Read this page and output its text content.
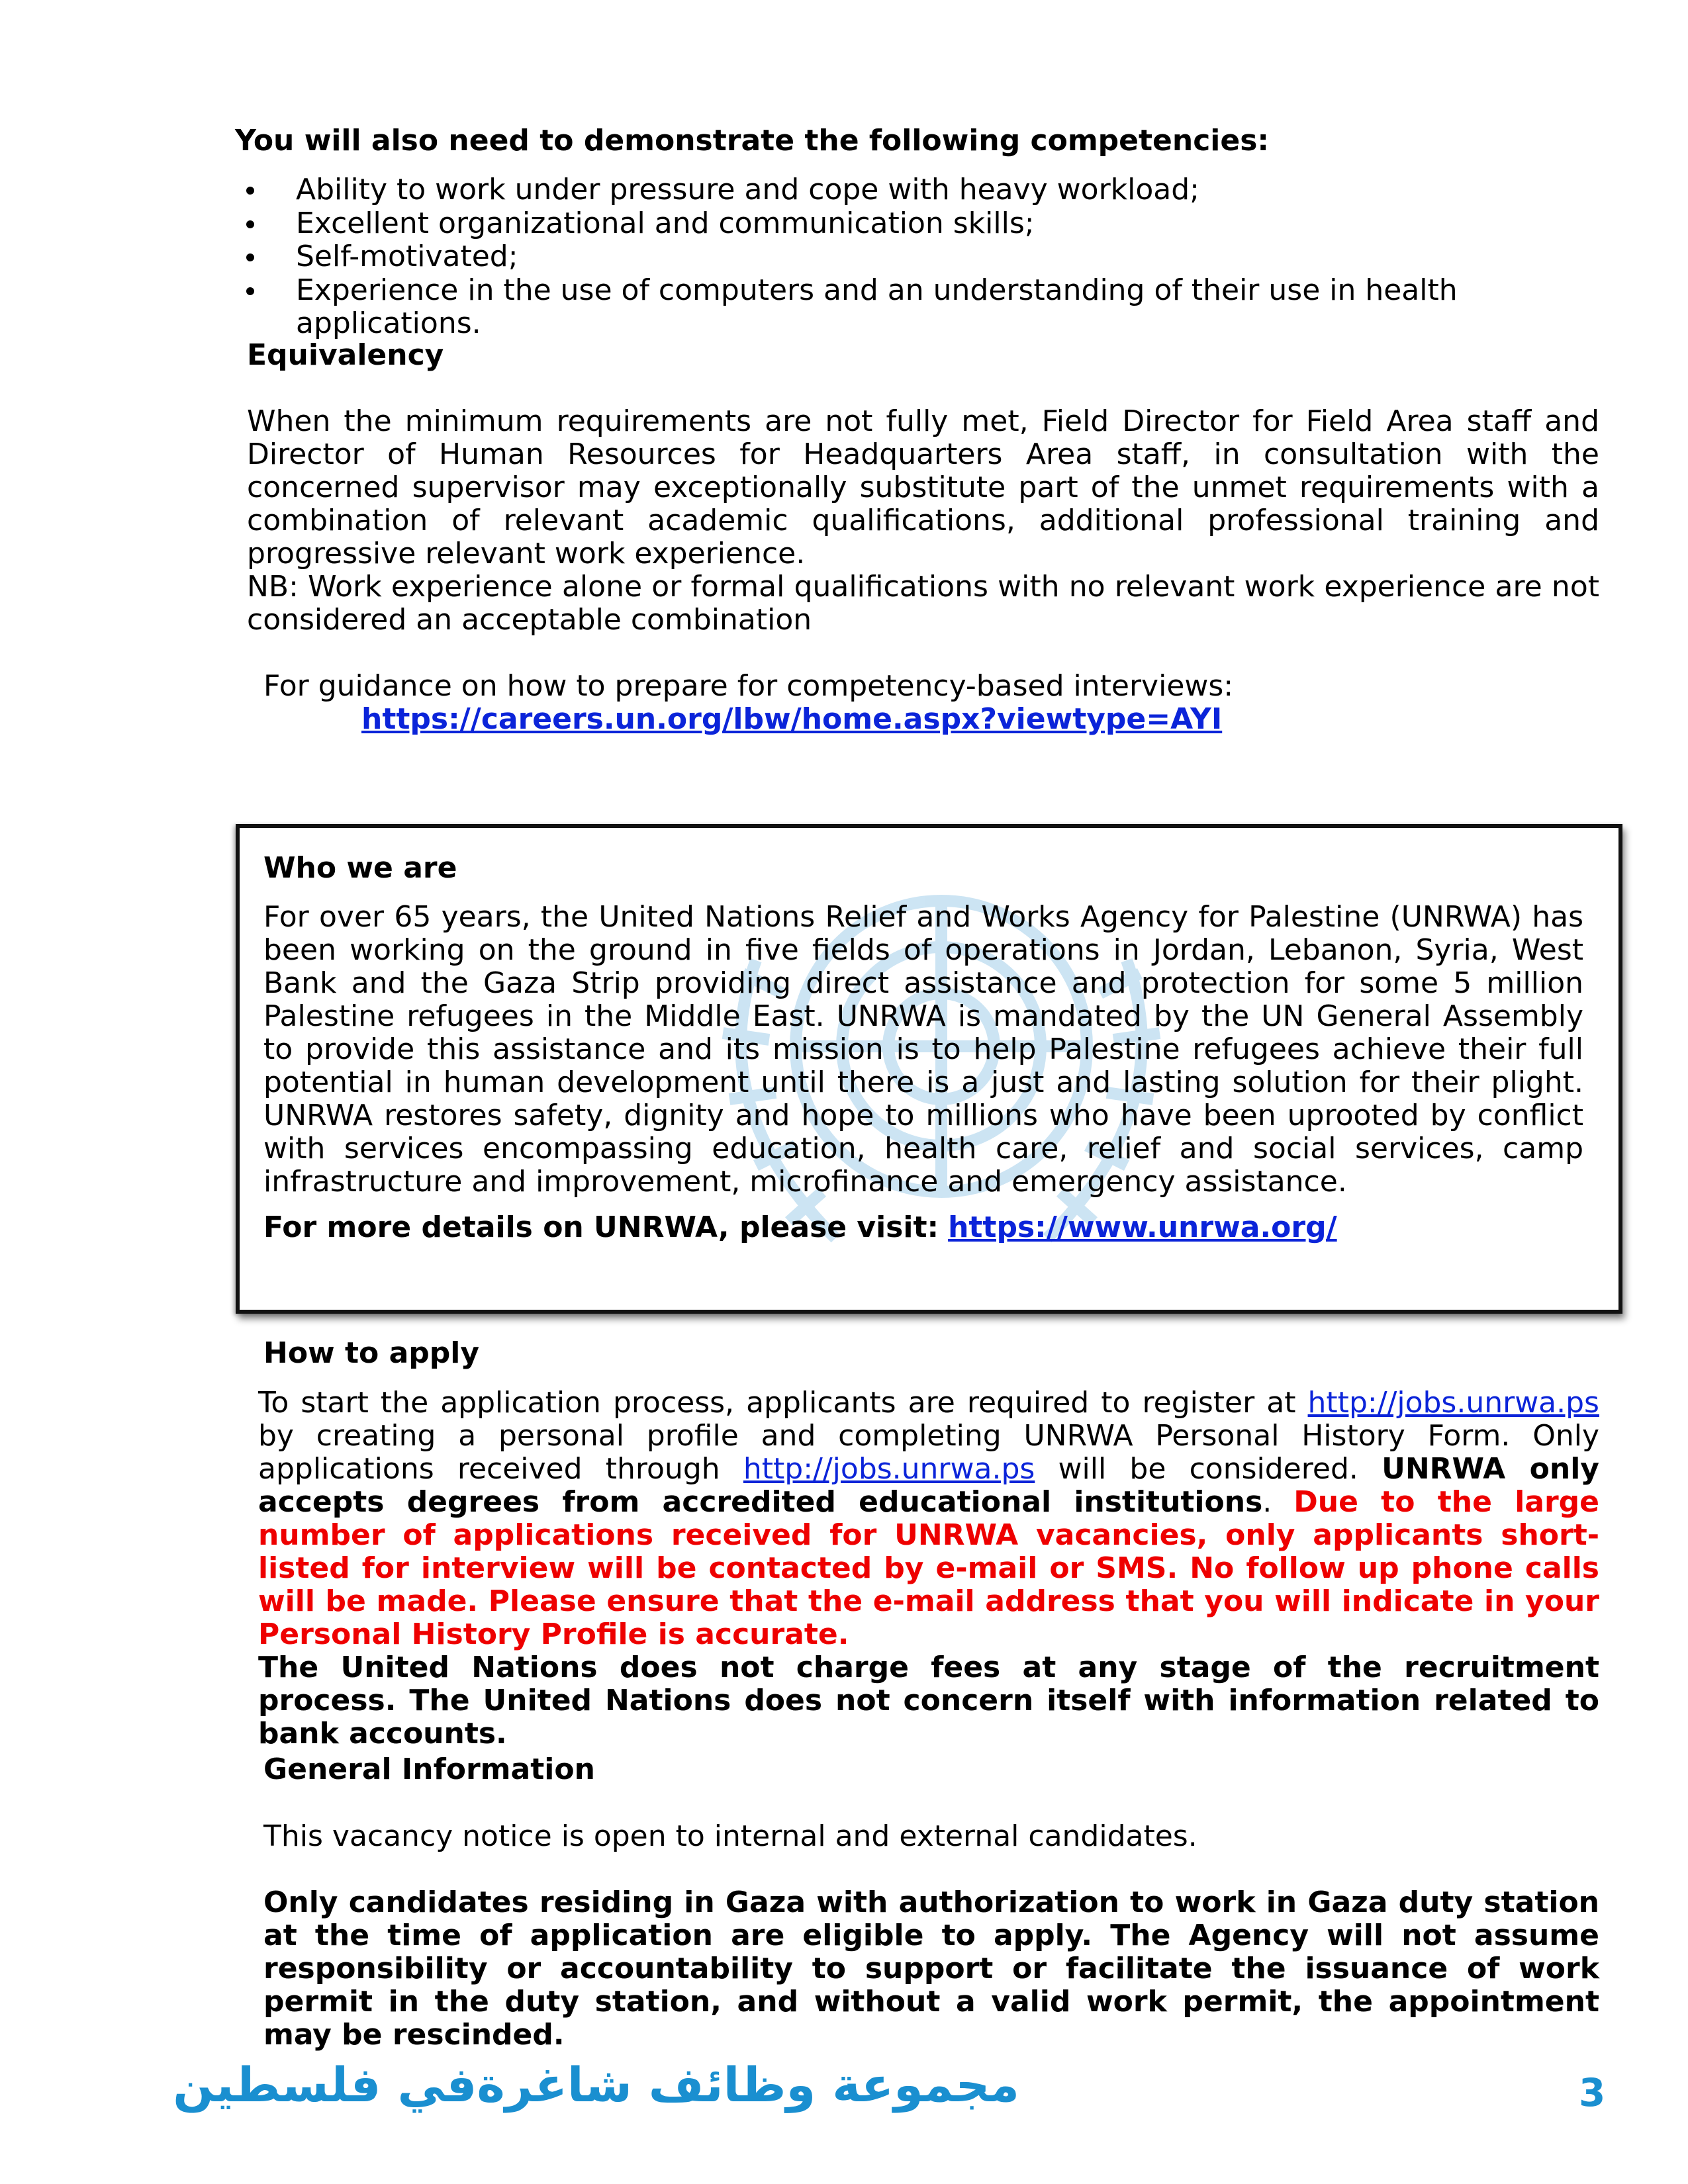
You will also need to demonstrate the following competencies:
Ability to work under pressure and cope with heavy workload;
Excellent organizational and communication skills;
Self-motivated;
Experience in the use of computers and an understanding of their use in health applications.
Equivalency
When the minimum requirements are not fully met, Field Director for Field Area staff and Director of Human Resources for Headquarters Area staff, in consultation with the concerned supervisor may exceptionally substitute part of the unmet requirements with a combination of relevant academic qualifications, additional professional training and progressive relevant work experience.
NB: Work experience alone or formal qualifications with no relevant work experience are not considered an acceptable combination
For guidance on how to prepare for competency-based interviews:
https://careers.un.org/lbw/home.aspx?viewtype=AYI
Who we are
For over 65 years, the United Nations Relief and Works Agency for Palestine (UNRWA) has been working on the ground in five fields of operations in Jordan, Lebanon, Syria, West Bank and the Gaza Strip providing direct assistance and protection for some 5 million Palestine refugees in the Middle East. UNRWA is mandated by the UN General Assembly to provide this assistance and its mission is to help Palestine refugees achieve their full potential in human development until there is a just and lasting solution for their plight. UNRWA restores safety, dignity and hope to millions who have been uprooted by conflict with services encompassing education, health care, relief and social services, camp infrastructure and improvement, microfinance and emergency assistance.
For more details on UNRWA, please visit: https://www.unrwa.org/
How to apply
To start the application process, applicants are required to register at http://jobs.unrwa.ps by creating a personal profile and completing UNRWA Personal History Form. Only applications received through http://jobs.unrwa.ps will be considered. UNRWA only accepts degrees from accredited educational institutions. Due to the large number of applications received for UNRWA vacancies, only applicants short-listed for interview will be contacted by e-mail or SMS. No follow up phone calls will be made. Please ensure that the e-mail address that you will indicate in your Personal History Profile is accurate.
The United Nations does not charge fees at any stage of the recruitment process. The United Nations does not concern itself with information related to bank accounts.
General Information
This vacancy notice is open to internal and external candidates.
Only candidates residing in Gaza with authorization to work in Gaza duty station at the time of application are eligible to apply. The Agency will not assume responsibility or accountability to support or facilitate the issuance of work permit in the duty station, and without a valid work permit, the appointment may be rescinded.
مجموعة وظائف شاغرةفي فلسطين	3
